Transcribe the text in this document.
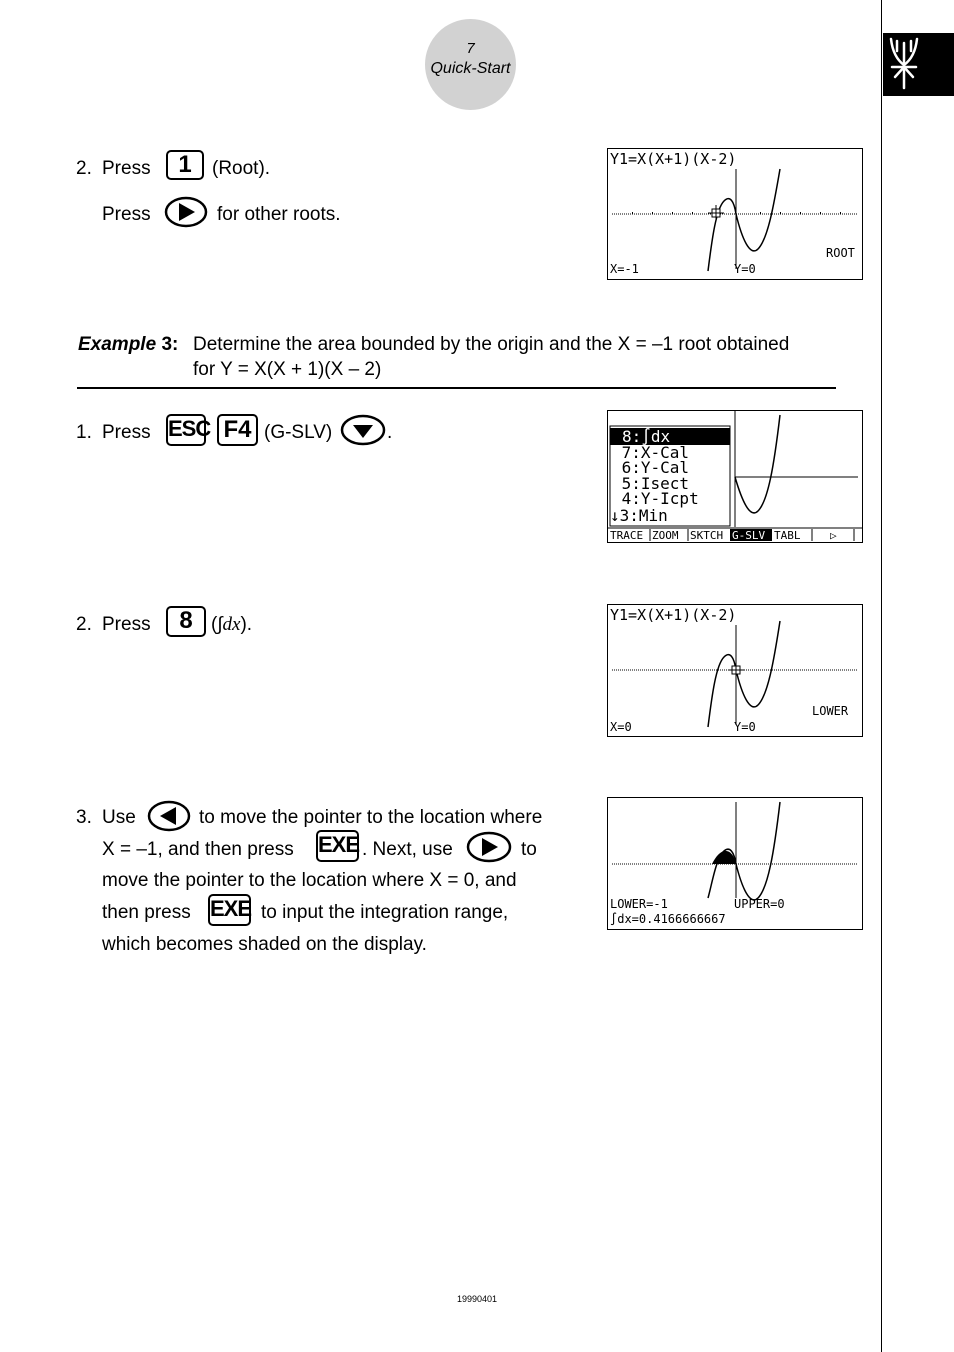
7
Quick-Start
2. Press	1	(Root).
Press	for other roots.
Y1=X(X+1)(X-2)
ROOT
X=-1	Y=0
Example 3: Determine the area bounded by the origin and the X = –1 root obtained
for Y = X(X + 1)(X – 2)
1. Press ESC F4 (G-SLV)	.	8:∫dx
7:X-Cal
6:Y-Cal
5:Isect
4:Y-Icpt
↓3:Min
TRACE ZOOM SKTCH G-SLV TABL	▷
2. Press	8 (∫dx).	Y1=X(X+1)(X-2)
LOWER
X=0	Y=0
3. Use	to move the pointer to the location where
X = –1, and then press EXE . Next, use	to
move the pointer to the location where X = 0, and
then press EXE to input the integration range,
which becomes shaded on the display.
LOWER=-1	UPPER=0
∫dx=0.4166666667
19990401
